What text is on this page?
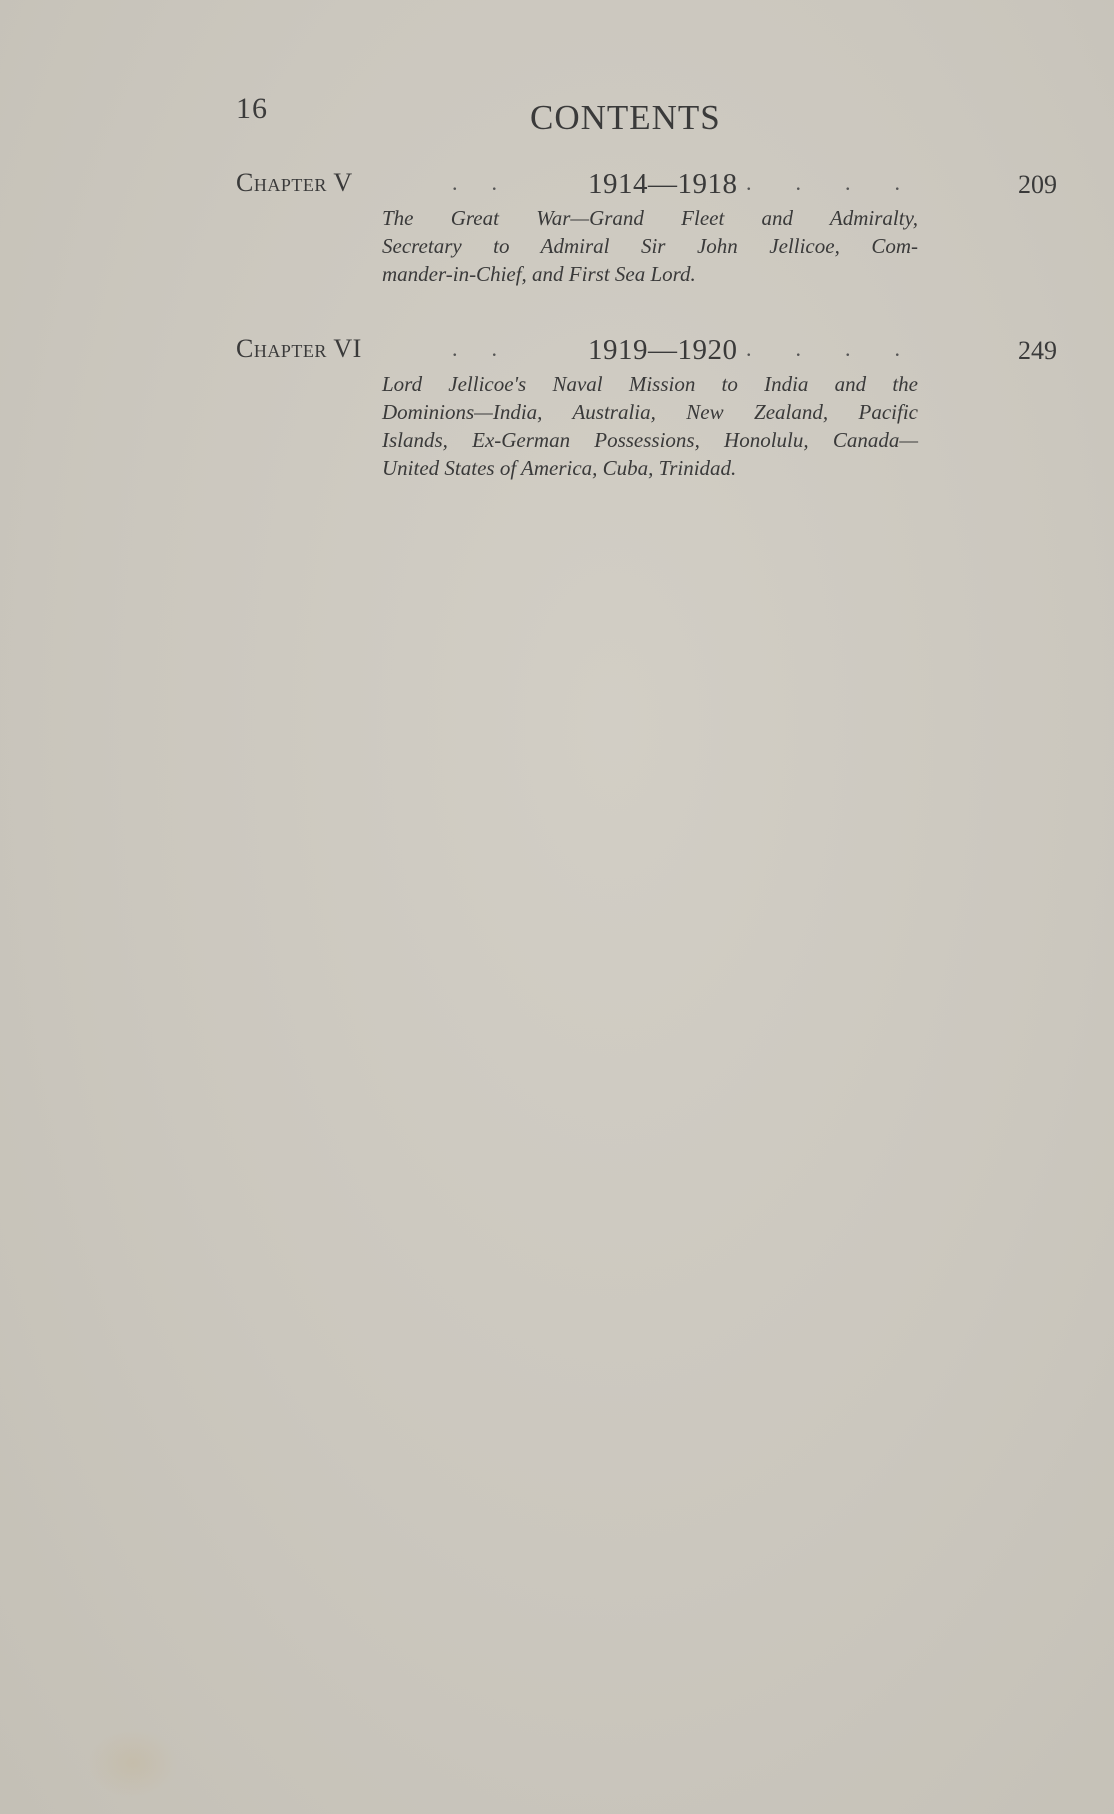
16	CONTENTS
Chapter V	.. 1914—1918 ....	209
The Great War—Grand Fleet and Admiralty,
Secretary to Admiral Sir John Jellicoe, Com-
mander-in-Chief, and First Sea Lord.
Chapter VI	.. 1919—1920 ....	249
Lord Jellicoe's Naval Mission to India and the
Dominions—India, Australia, New Zealand, Pacific
Islands, Ex-German Possessions, Honolulu, Canada—
United States of America, Cuba, Trinidad.
